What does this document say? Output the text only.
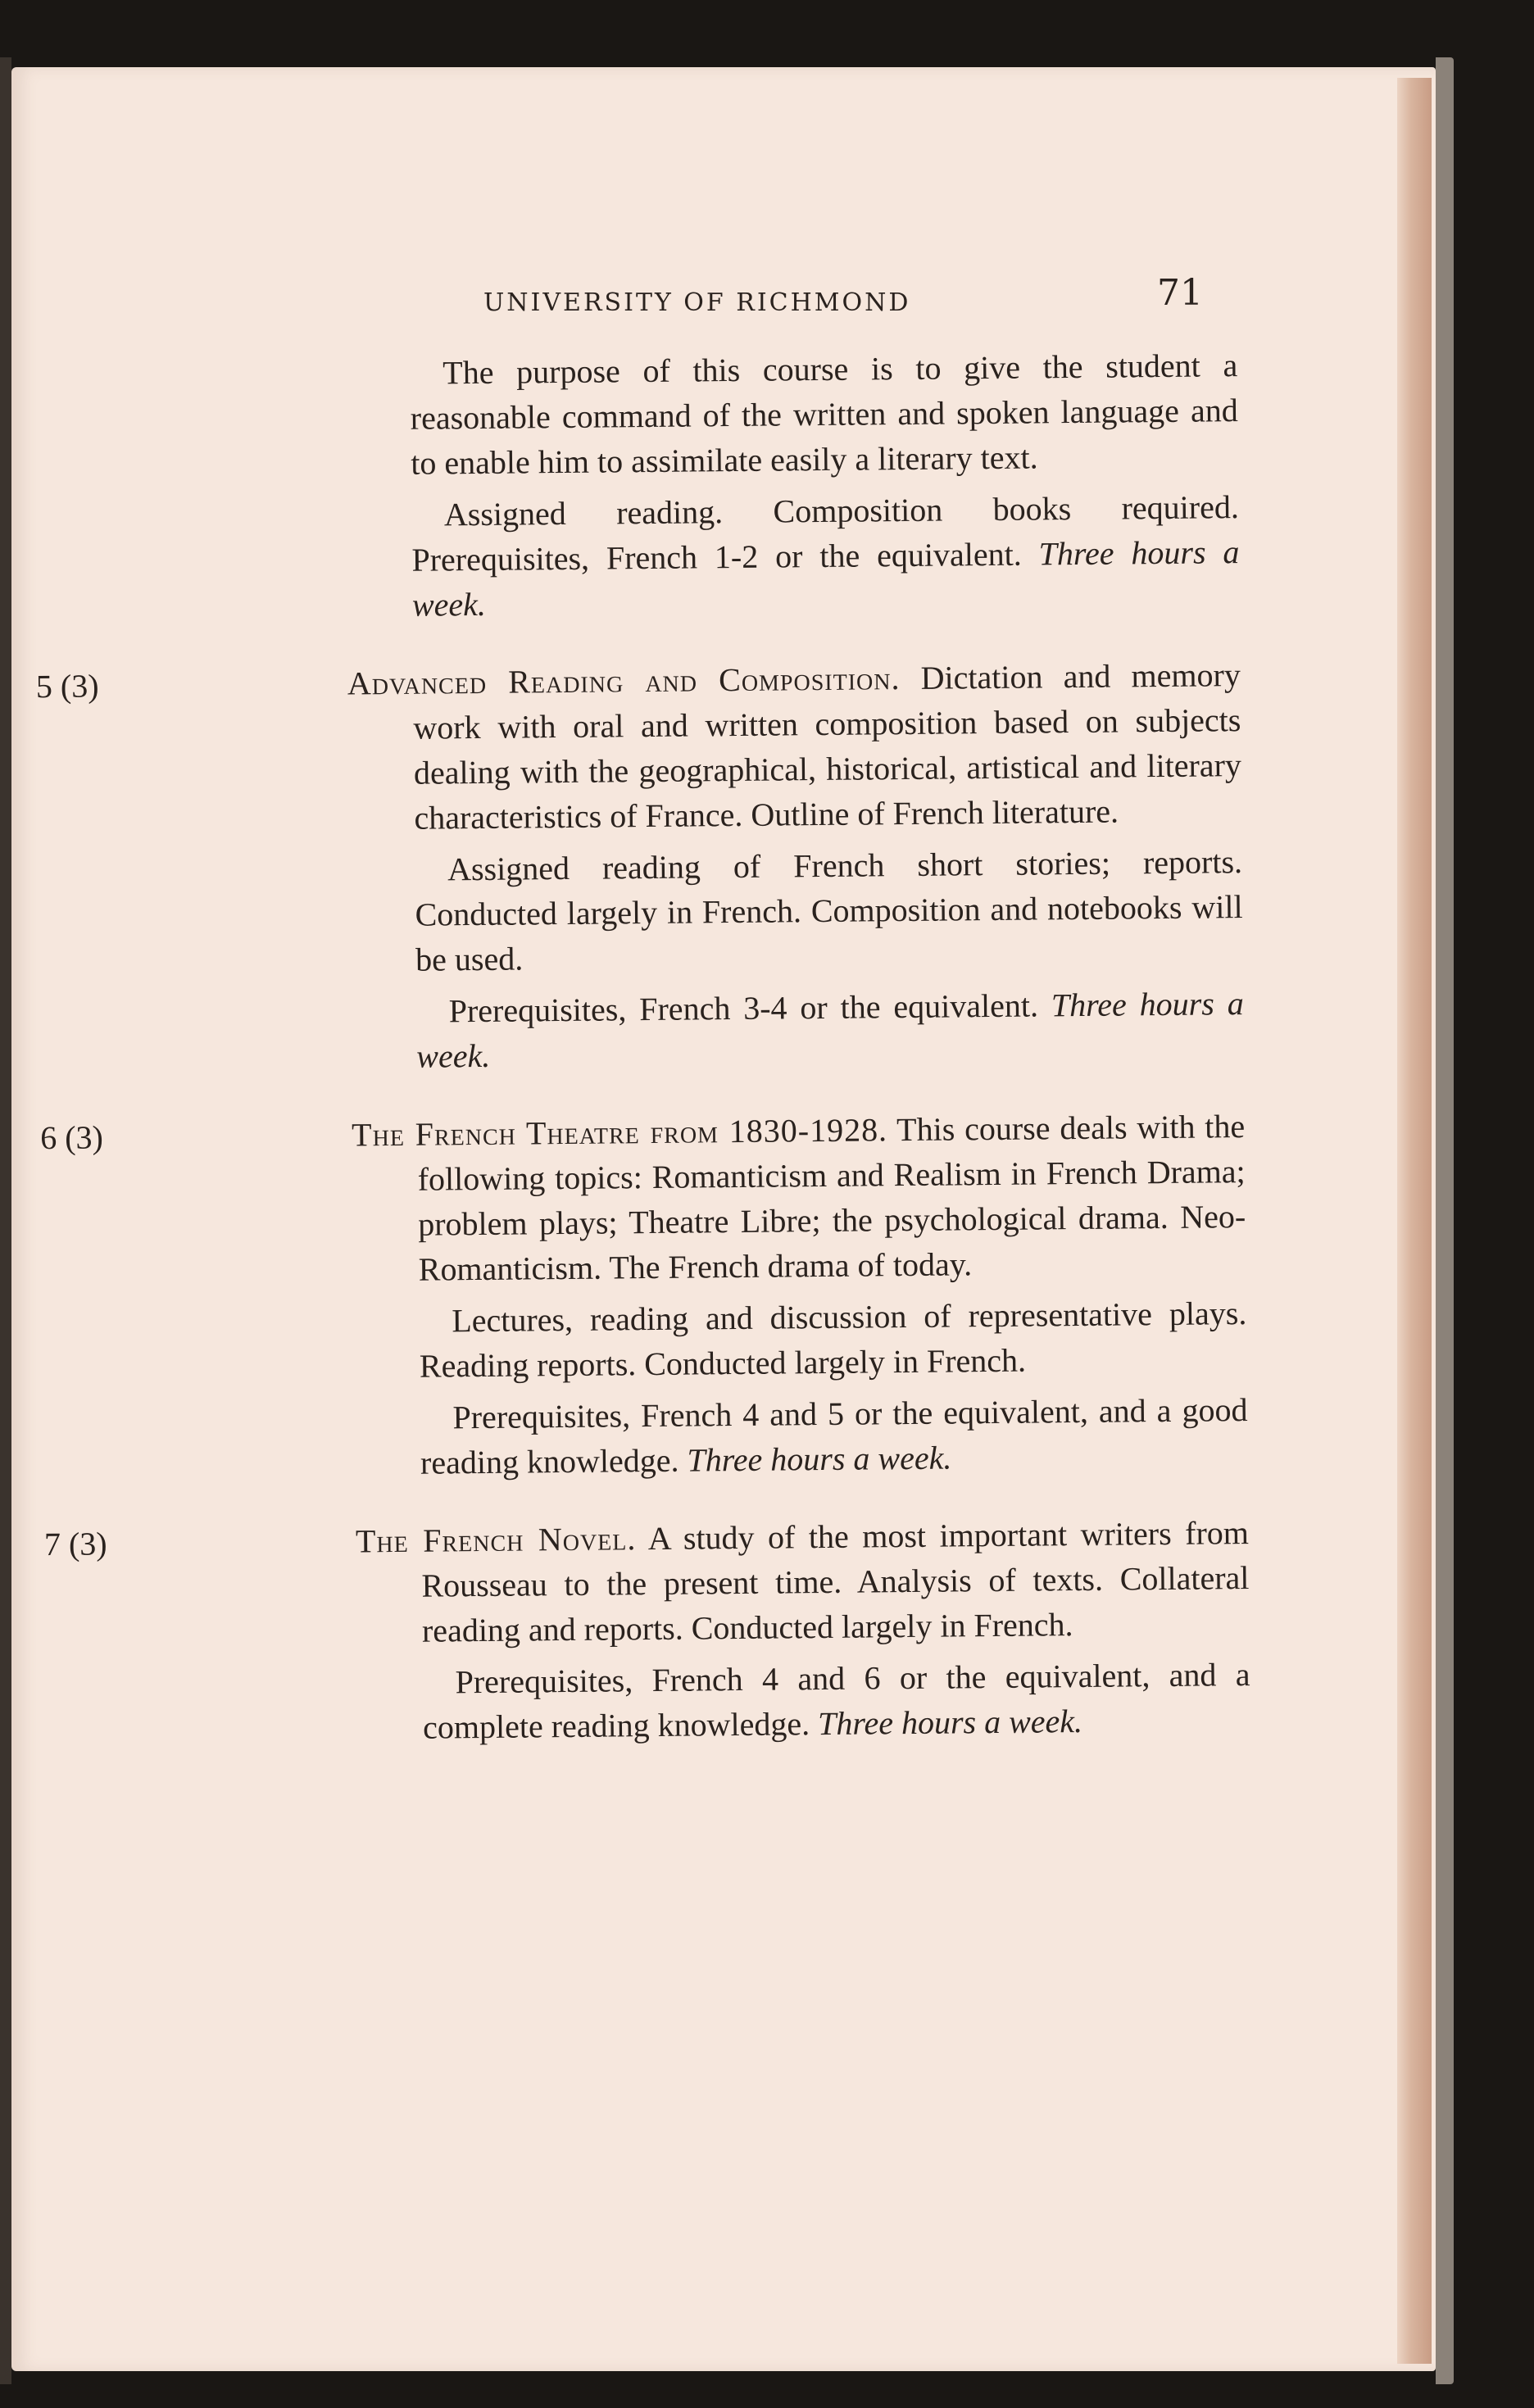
UNIVERSITY OF RICHMOND	71

The purpose of this course is to give the student a reasonable command of the written and spoken language and to enable him to assimilate easily a literary text.

Assigned reading. Composition books required. Prerequisites, French 1-2 or the equivalent. Three hours a week.

5 (3)	Advanced Reading and Composition. Dictation and memory work with oral and written composition based on subjects dealing with the geographical, historical, artistical and literary characteristics of France. Outline of French literature.

Assigned reading of French short stories; reports. Conducted largely in French. Composition and notebooks will be used.

Prerequisites, French 3-4 or the equivalent. Three hours a week.

6 (3)	The French Theatre from 1830-1928. This course deals with the following topics: Romanticism and Realism in French Drama; problem plays; Theatre Libre; the psychological drama. Neo-Romanticism. The French drama of today.

Lectures, reading and discussion of representative plays. Reading reports. Conducted largely in French.

Prerequisites, French 4 and 5 or the equivalent, and a good reading knowledge. Three hours a week.

7 (3)	The French Novel. A study of the most important writers from Rousseau to the present time. Analysis of texts. Collateral reading and reports. Conducted largely in French.

Prerequisites, French 4 and 6 or the equivalent, and a complete reading knowledge. Three hours a week.
